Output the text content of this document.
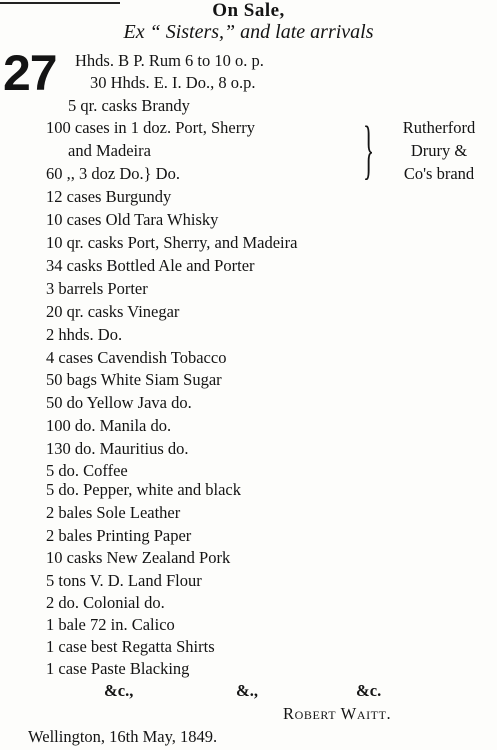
On Sale,
Ex “ Sisters,” and late arrivals
27 Hhds. B P. Rum 6 to 10 o. p.
30 Hhds. E. I. Do., 8 o.p.
5 qr. casks Brandy
100 cases in 1 doz. Port, Sherry
and Madeira
60 ,, 3 doz Do.} Do.	}	Rutherford
Drury &
Co's brand
12 cases Burgundy
10 cases Old Tara Whisky
10 qr. casks Port, Sherry, and Madeira
34 casks Bottled Ale and Porter
3 barrels Porter
20 qr. casks Vinegar
2 hhds. Do.
4 cases Cavendish Tobacco
50 bags White Siam Sugar
50 do Yellow Java do.
100 do. Manila do.
130 do. Mauritius do.
5 do. Coffee
5 do. Pepper, white and black
2 bales Sole Leather
2 bales Printing Paper
10 casks New Zealand Pork
5 tons V. D. Land Flour
2 do. Colonial do.
1 bale 72 in. Calico
1 case best Regatta Shirts
1 case Paste Blacking
&c.,	&.,	&c.
Robert Waitt.
Wellington, 16th May, 1849.
